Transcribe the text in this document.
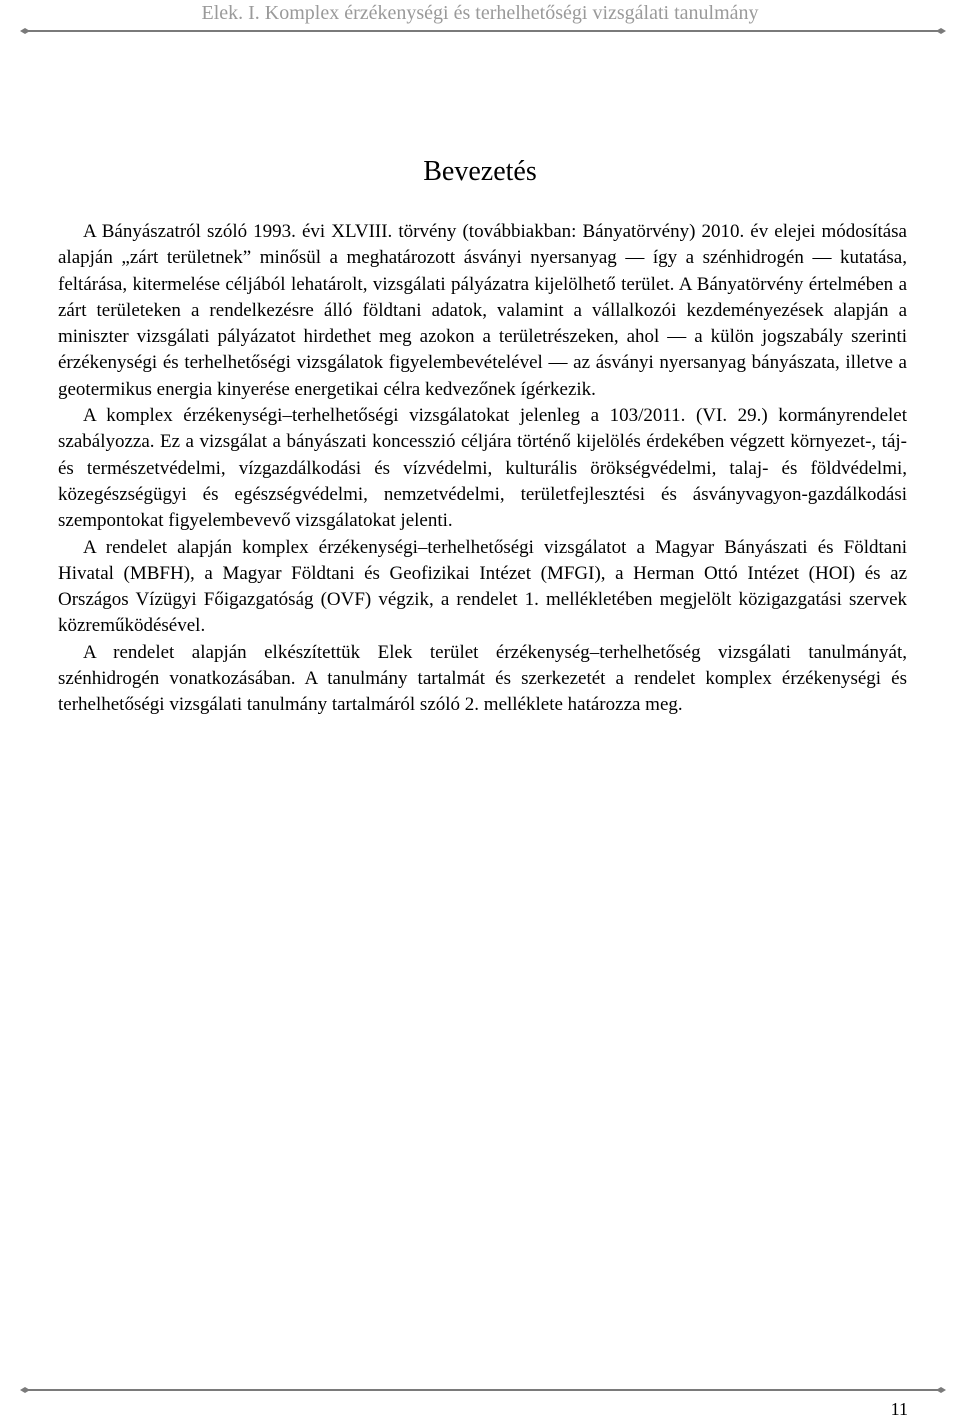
Elek. I. Komplex érzékenységi és terhelhetőségi vizsgálati tanulmány
Bevezetés

A Bányászatról szóló 1993. évi XLVIII. törvény (továbbiakban: Bányatörvény) 2010. év elejei módosítása alapján „zárt területnek” minősül a meghatározott ásványi nyersanyag — így a szénhidrogén — kutatása, feltárása, kitermelése céljából lehatárolt, vizsgálati pályázatra kijelölhető terület. A Bányatörvény értelmében a zárt területeken a rendelkezésre álló földtani adatok, valamint a vállalkozói kezdeményezések alapján a miniszter vizsgálati pályázatot hirdethet meg azokon a területrészeken, ahol — a külön jogszabály szerinti érzékenységi és terhelhetőségi vizsgálatok figyelembevételével — az ásványi nyersanyag bányászata, illetve a geotermikus energia kinyerése energetikai célra kedvezőnek ígérkezik.

A komplex érzékenységi–terhelhetőségi vizsgálatokat jelenleg a 103/2011. (VI. 29.) kormányrendelet szabályozza. Ez a vizsgálat a bányászati koncesszió céljára történő kijelölés érdekében végzett környezet-, táj- és természetvédelmi, vízgazdálkodási és vízvédelmi, kulturális örökségvédelmi, talaj- és földvédelmi, közegészségügyi és egészségvédelmi, nemzetvédelmi, területfejlesztési és ásványvagyon-gazdálkodási szempontokat figyelembevevő vizsgálatokat jelenti.

A rendelet alapján komplex érzékenységi–terhelhetőségi vizsgálatot a Magyar Bányászati és Földtani Hivatal (MBFH), a Magyar Földtani és Geofizikai Intézet (MFGI), a Herman Ottó Intézet (HOI) és az Országos Vízügyi Főigazgatóság (OVF) végzik, a rendelet 1. mellékletében megjelölt közigazgatási szervek közreműködésével.

A rendelet alapján elkészítettük Elek terület érzékenység–terhelhetőség vizsgálati tanulmányát, szénhidrogén vonatkozásában. A tanulmány tartalmát és szerkezetét a rendelet komplex érzékenységi és terhelhetőségi vizsgálati tanulmány tartalmáról szóló 2. melléklete határozza meg.

11
